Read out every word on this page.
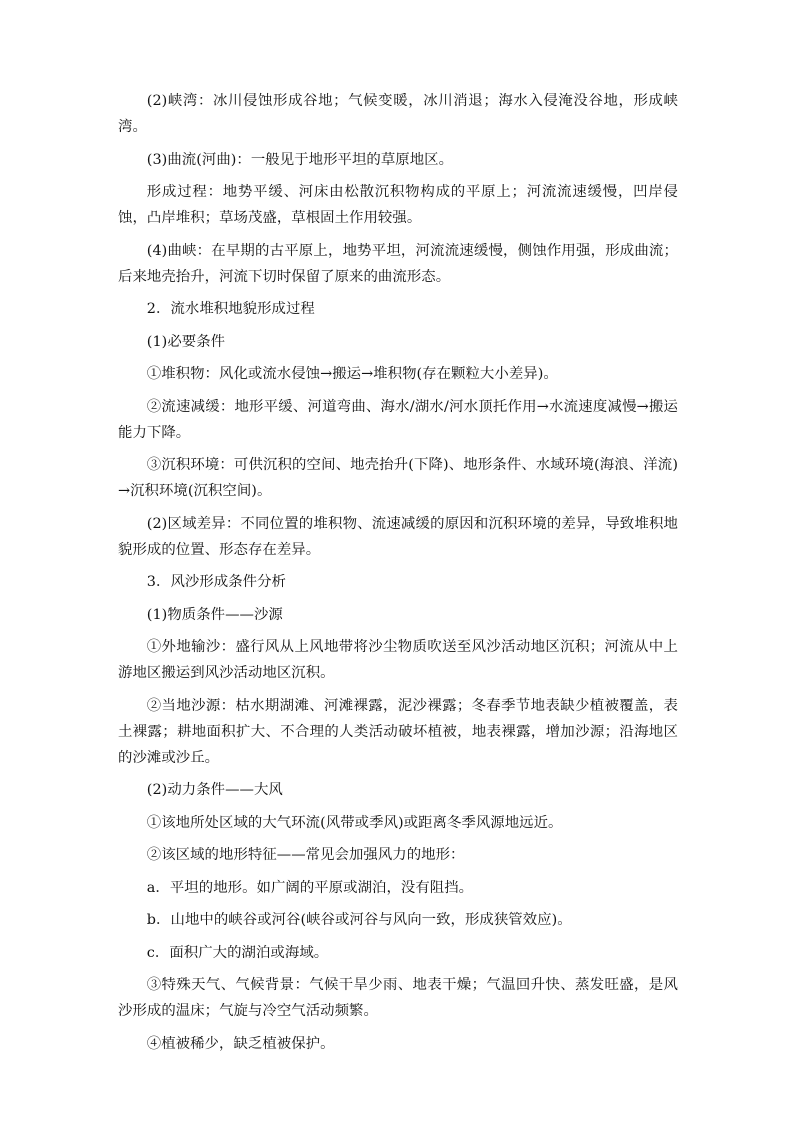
(2)峡湾：冰川侵蚀形成谷地；气候变暖，冰川消退；海水入侵淹没谷地，形成峡湾。

(3)曲流(河曲)：一般见于地形平坦的草原地区。

形成过程：地势平缓、河床由松散沉积物构成的平原上；河流流速缓慢，凹岸侵蚀，凸岸堆积；草场茂盛，草根固土作用较强。

(4)曲峡：在早期的古平原上，地势平坦，河流流速缓慢，侧蚀作用强，形成曲流；后来地壳抬升，河流下切时保留了原来的曲流形态。

2．流水堆积地貌形成过程

(1)必要条件

①堆积物：风化或流水侵蚀→搬运→堆积物(存在颗粒大小差异)。

②流速减缓：地形平缓、河道弯曲、海水/湖水/河水顶托作用→水流速度减慢→搬运能力下降。

③沉积环境：可供沉积的空间、地壳抬升(下降)、地形条件、水域环境(海浪、洋流)→沉积环境(沉积空间)。

(2)区域差异：不同位置的堆积物、流速减缓的原因和沉积环境的差异，导致堆积地貌形成的位置、形态存在差异。

3．风沙形成条件分析

(1)物质条件——沙源

①外地输沙：盛行风从上风地带将沙尘物质吹送至风沙活动地区沉积；河流从中上游地区搬运到风沙活动地区沉积。

②当地沙源：枯水期湖滩、河滩裸露，泥沙裸露；冬春季节地表缺少植被覆盖，表土裸露；耕地面积扩大、不合理的人类活动破坏植被，地表裸露，增加沙源；沿海地区的沙滩或沙丘。

(2)动力条件——大风

①该地所处区域的大气环流(风带或季风)或距离冬季风源地远近。

②该区域的地形特征——常见会加强风力的地形：

a．平坦的地形。如广阔的平原或湖泊，没有阻挡。

b．山地中的峡谷或河谷(峡谷或河谷与风向一致，形成狭管效应)。

c．面积广大的湖泊或海域。

③特殊天气、气候背景：气候干旱少雨、地表干燥；气温回升快、蒸发旺盛，是风沙形成的温床；气旋与冷空气活动频繁。

④植被稀少，缺乏植被保护。
